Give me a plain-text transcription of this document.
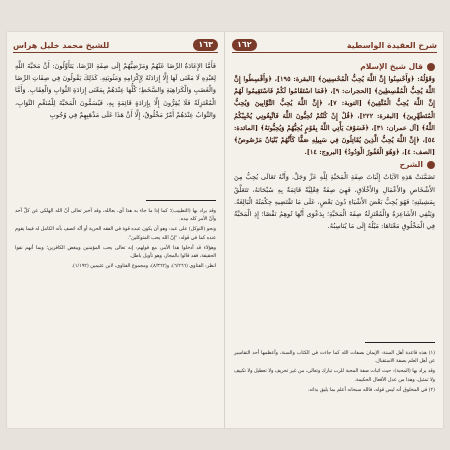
١٦٣
للشيخ محمد خليل هراس
فَأَمَّا الإِعَادَةُ الرِّضَا عَنْهُمْ وَمَرْضِيُّهُمْ إِلَى صِفَةِ الرِّضَا، يَتَأَوَّلُونَ: أَنَّ مَحَبَّةَ اللَّهِ لِعَبْدِهِ لَا مَعْنَى لَهَا إِلَّا إِرَادَتُهُ لِإِكْرَامِهِ وَمَثُوبَتِهِ. كَذَلِكَ يَقُولُونَ فِي صِفَاتِ الرِّضَا وَالْغَضَبِ وَالْكَرَاهِيَةِ وَالسَّخَطِ؛ كُلُّهَا عِنْدَهُمْ بِمَعْنَى إِرَادَةِ الثَّوَابِ وَالْعِقَابِ. وَأَمَّا الْمُعْتَزِلَةُ فَلَا يُقِرُّونَ إِلَّا بِإِرَادَةٍ قَائِمَةٍ بِهِ، فَيُسَمُّونَ الْمَحَبَّةَ لِلْمُنَعِّمِ التَّوَابِ، وَالتَّوَابُ عِنْدَهُمْ أَمْرٌ مَخْلُوقٌ، إِلَّا أَنَّ هَذَا عَلَى مَذْهَبِهِمْ فِي وُجُوبِ

وقد يراد بها (التطييب)؛ كما إذا ما جاء به هذا أي، بعالله، وقد أخبر تعالى أنّ الله الهلكي عن كلِّ أحد وأنّ الأمر كله بيده.

ونحو (التوكل) على عبد: وهو أن يكون عبده قوة في الفقه الحرية أو أنّه اتصف بأنه الكامل له فيما يقوم عنده كما في قوله: "إنّ الله يحب المتوكلين".

وهؤلاء قد أدخلوا هذا الأمر، مع قولهم: إنه تعالى يحب المؤمنين ويبغض الكافرين؛ وبما أنهم نفوا الحقيقة، فقد قالوا بالمجاز، وهو تأويل باطل.

انظر: الفتاوى (٦/٢٦٦)، و(٨/٣٦٢)، ومجموع الفتاوى، لابن عثيمين (١/١٩٢).

شرح العقيدة الواسطية
١٦٢
قال شيخ الإسلام
وَقَوْلُهُ: ﴿وَأَحْسِنُوا إِنَّ اللَّهَ يُحِبُّ الْمُحْسِنِينَ﴾ [البقرة: ١٩٥]، ﴿وَأَقْسِطُوا إِنَّ اللَّهَ يُحِبُّ الْمُقْسِطِينَ﴾ [الحجرات: ٩]، ﴿فَمَا اسْتَقَامُوا لَكُمْ فَاسْتَقِيمُوا لَهُمْ إِنَّ اللَّهَ يُحِبُّ الْمُتَّقِينَ﴾ [التوبة: ٧]، ﴿إِنَّ اللَّهَ يُحِبُّ التَّوَّابِينَ وَيُحِبُّ الْمُتَطَهِّرِينَ﴾ [البقرة: ٢٢٢]، ﴿قُلْ إِنْ كُنْتُمْ تُحِبُّونَ اللَّهَ فَاتَّبِعُونِي يُحْبِبْكُمُ اللَّهُ﴾ [آل عمران: ٣١]، ﴿فَسَوْفَ يَأْتِي اللَّهُ بِقَوْمٍ يُحِبُّهُمْ وَيُحِبُّونَهُ﴾ [المائدة: ٥٤]، ﴿إِنَّ اللَّهَ يُحِبُّ الَّذِينَ يُقَاتِلُونَ فِي سَبِيلِهِ صَفًّا كَأَنَّهُمْ بُنْيَانٌ مَرْصُوصٌ﴾ [الصف: ٤]، ﴿وَهُوَ الْغَفُورُ الْوَدُودُ﴾ [البروج: ١٤].
الشرح
تَضَمَّنَتْ هَذِهِ الآيَاتُ إِثْبَاتَ صِفَةِ الْمَحَبَّةِ لِلَّهِ عَزَّ وَجَلَّ، وَأَنَّهُ تَعَالَى يُحِبُّ مِنَ الأَشْخَاصِ وَالأَعْمَالِ وَالأَخْلَاقِ، فَهِيَ صِفَةٌ فِعْلِيَّةٌ قَائِمَةٌ بِهِ سُبْحَانَهُ، تَتَعَلَّقُ بِمَشِيئَتِهِ؛ فَهُوَ يُحِبُّ بَعْضَ الأَشْيَاءِ دُونَ بَعْضٍ، عَلَى مَا تَقْتَضِيهِ حِكْمَتُهُ الْبَالِغَةُ. وَيَنْفِي الأَشَاعِرَةُ وَالْمُعْتَزِلَةُ صِفَةَ الْمَحَبَّةِ؛ بِدَعْوَى أَنَّهَا تُوهِمُ نَقْصًا؛ إِذِ الْمَحَبَّةُ فِي الْمَخْلُوقِ مَعْنَاهَا: مَيْلُهُ إِلَى مَا يُنَاسِبُهُ.

(١) هذه قاعدة أهل السنة: الإيمان بصفات الله كما جاءت في الكتاب والسنة، وأعظمها أحد التفاسير عن أهل العلم بصفة الاستقبال.

وقد يراد بها (المحبة): حيث اثبات صفة المحبة للرب تبارك وتعالى، من غير تحريف ولا تعطيل ولا تكييف ولا تمثيل، وهذا من عدل الأفعال الحكيمة.

(٢) في المخلوق أنه ليس قوله، فالله سبحانه أعلم بما يليق بذاته.
